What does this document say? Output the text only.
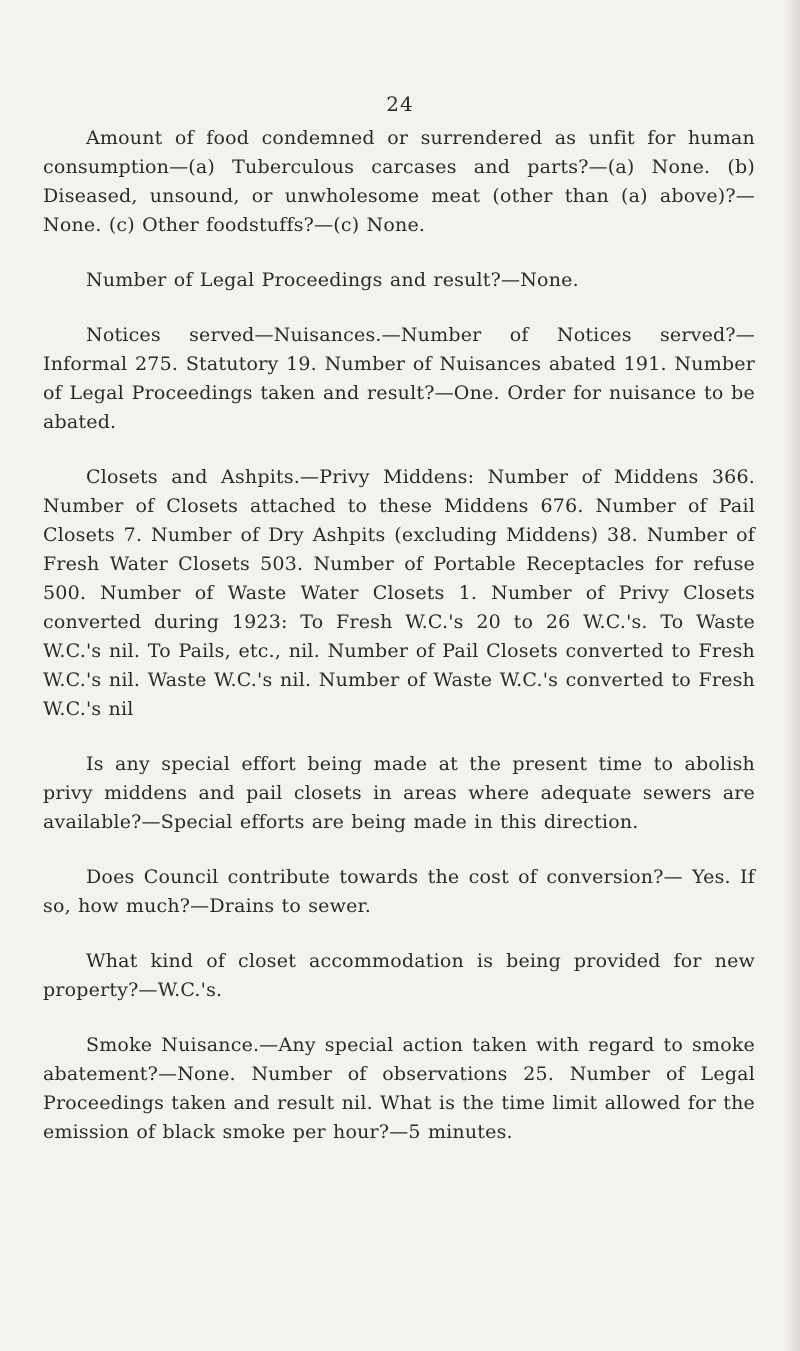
24

Amount of food condemned or surrendered as unfit for human consumption—(a) Tuberculous carcases and parts?—(a) None. (b) Diseased, unsound, or unwholesome meat (other than (a) above)?—None. (c) Other foodstuffs?—(c) None.

Number of Legal Proceedings and result?—None.

Notices served—Nuisances.—Number of Notices served?— Informal 275. Statutory 19. Number of Nuisances abated 191. Number of Legal Proceedings taken and result?—One. Order for nuisance to be abated.

Closets and Ashpits.—Privy Middens: Number of Middens 366. Number of Closets attached to these Middens 676. Number of Pail Closets 7. Number of Dry Ashpits (excluding Middens) 38. Number of Fresh Water Closets 503. Number of Portable Receptacles for refuse 500. Number of Waste Water Closets 1. Number of Privy Closets converted during 1923: To Fresh W.C.'s 20 to 26 W.C.'s. To Waste W.C.'s nil. To Pails, etc., nil. Number of Pail Closets converted to Fresh W.C.'s nil. Waste W.C.'s nil. Number of Waste W.C.'s converted to Fresh W.C.'s nil

Is any special effort being made at the present time to abolish privy middens and pail closets in areas where adequate sewers are available?—Special efforts are being made in this direction.

Does Council contribute towards the cost of conversion?— Yes. If so, how much?—Drains to sewer.

What kind of closet accommodation is being provided for new property?—W.C.'s.

Smoke Nuisance.—Any special action taken with regard to smoke abatement?—None. Number of observations 25. Number of Legal Proceedings taken and result nil. What is the time limit allowed for the emission of black smoke per hour?—5 minutes.
